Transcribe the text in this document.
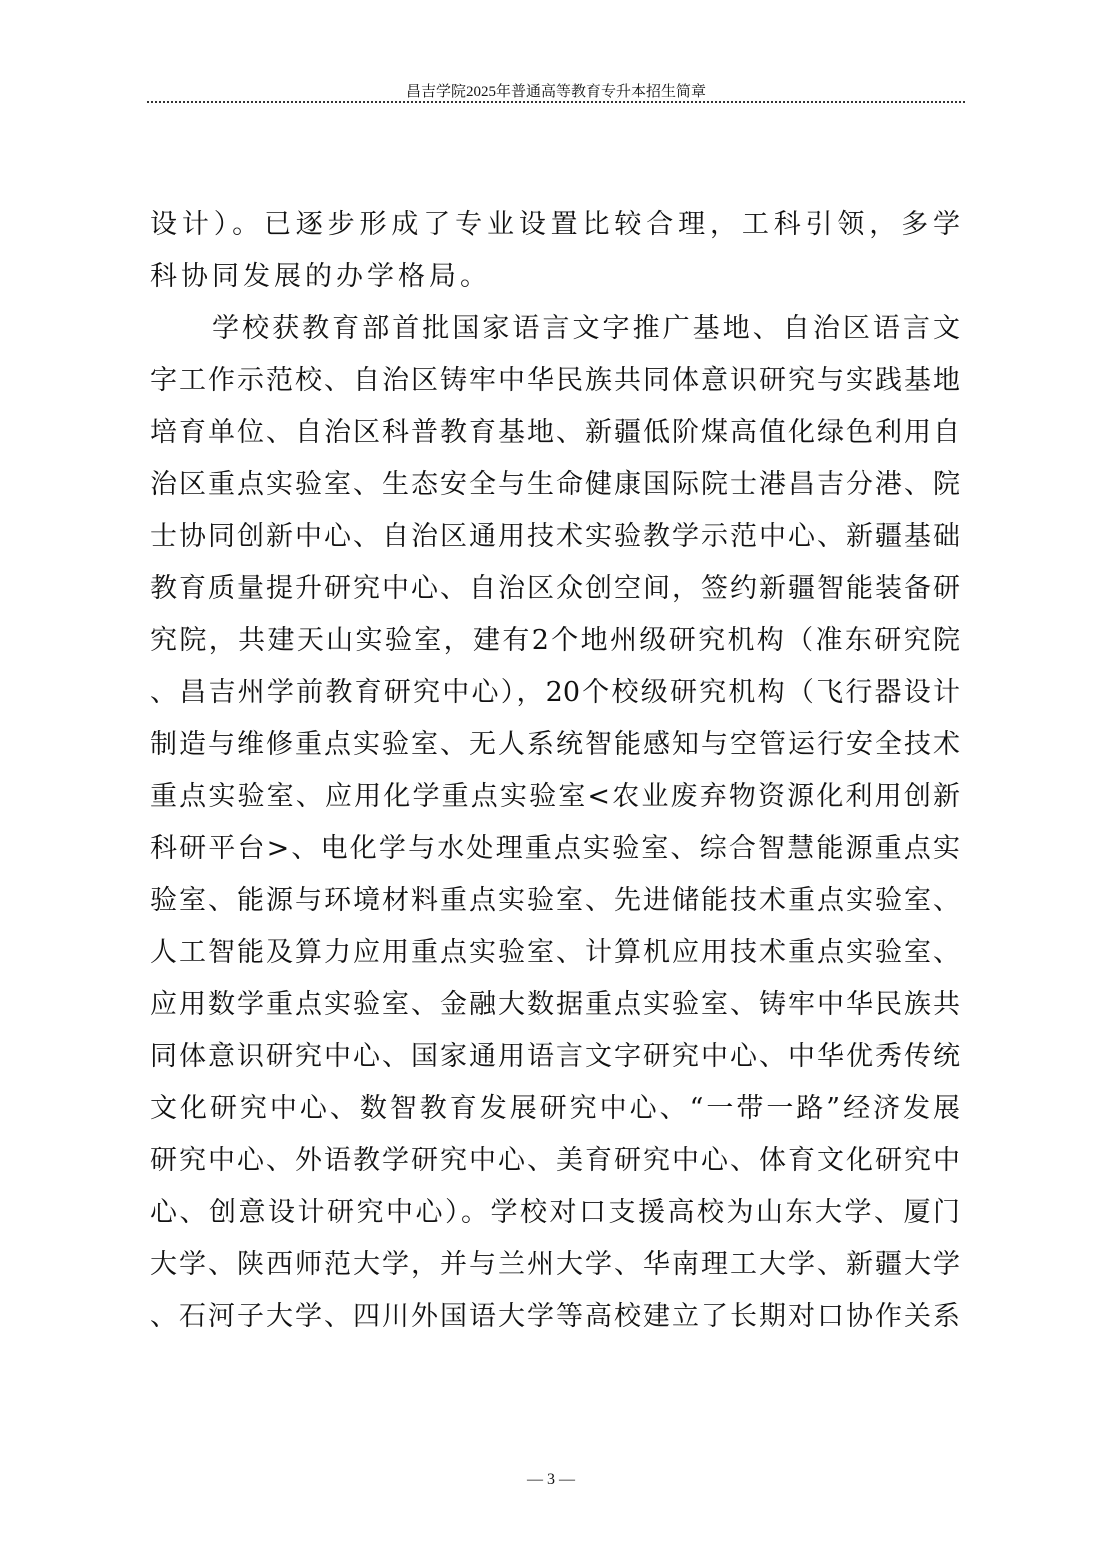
昌吉学院2025年普通高等教育专升本招生简章
设计）。已逐步形成了专业设置比较合理，工科引领，多学
科协同发展的办学格局。
学校获教育部首批国家语言文字推广基地、自治区语言文
字工作示范校、自治区铸牢中华民族共同体意识研究与实践基地
培育单位、自治区科普教育基地、新疆低阶煤高值化绿色利用自
治区重点实验室、生态安全与生命健康国际院士港昌吉分港、院
士协同创新中心、自治区通用技术实验教学示范中心、新疆基础
教育质量提升研究中心、自治区众创空间，签约新疆智能装备研
究院，共建天山实验室，建有2个地州级研究机构（准东研究院
、昌吉州学前教育研究中心），20个校级研究机构（飞行器设计
制造与维修重点实验室、无人系统智能感知与空管运行安全技术
重点实验室、应用化学重点实验室<农业废弃物资源化利用创新
科研平台>、电化学与水处理重点实验室、综合智慧能源重点实
验室、能源与环境材料重点实验室、先进储能技术重点实验室、
人工智能及算力应用重点实验室、计算机应用技术重点实验室、
应用数学重点实验室、金融大数据重点实验室、铸牢中华民族共
同体意识研究中心、国家通用语言文字研究中心、中华优秀传统
文化研究中心、数智教育发展研究中心、“一带一路”经济发展
研究中心、外语教学研究中心、美育研究中心、体育文化研究中
心、创意设计研究中心）。学校对口支援高校为山东大学、厦门
大学、陕西师范大学，并与兰州大学、华南理工大学、新疆大学
、石河子大学、四川外国语大学等高校建立了长期对口协作关系
— 3 —
